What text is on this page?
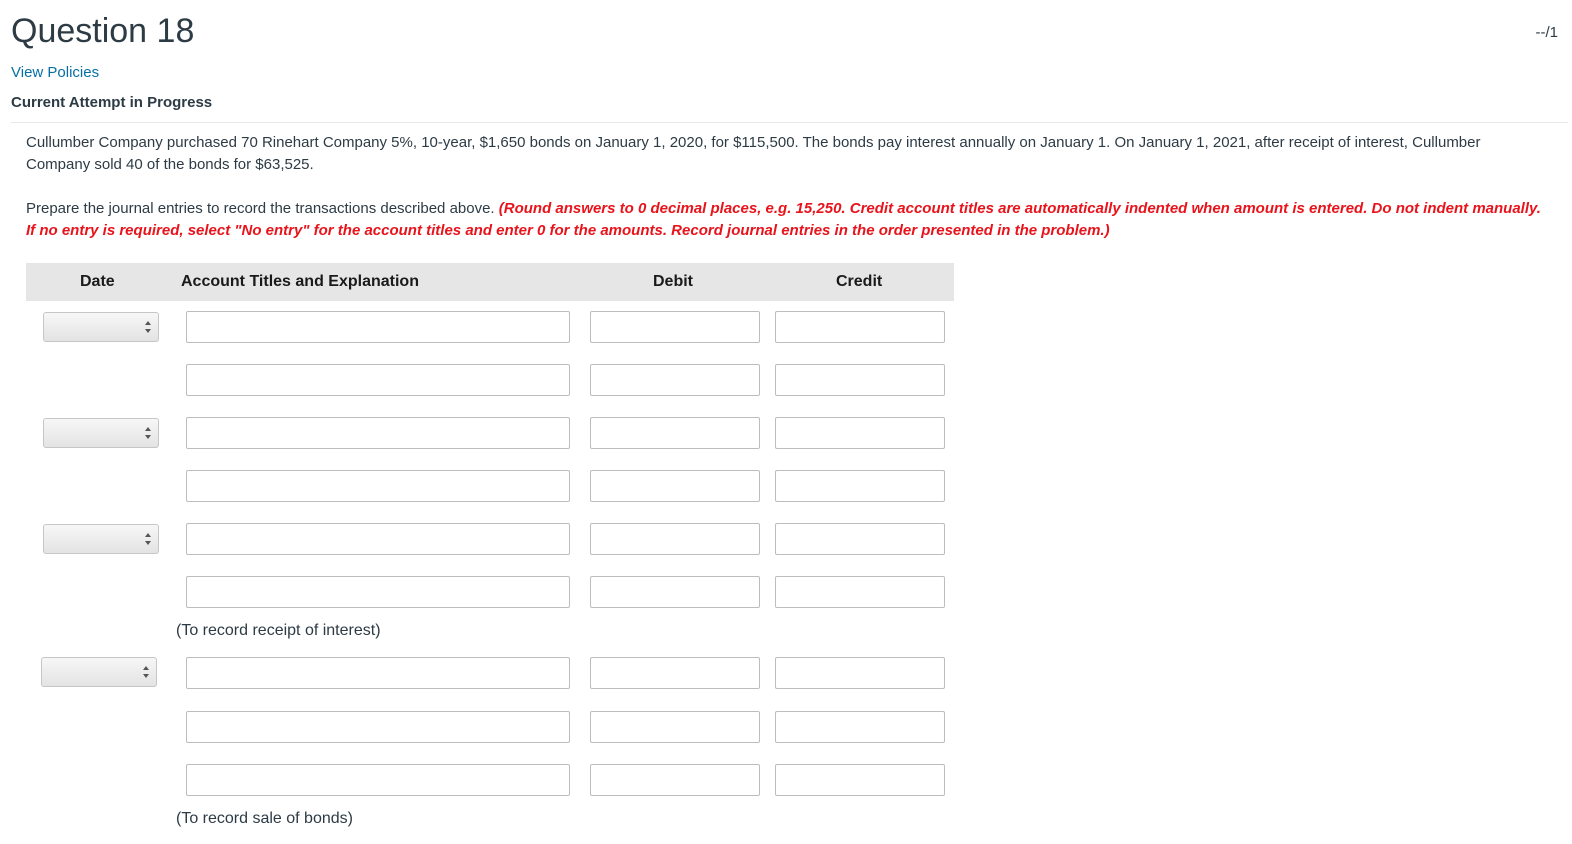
Question 18	--/1
View Policies
Current Attempt in Progress

Cullumber Company purchased 70 Rinehart Company 5%, 10-year, $1,650 bonds on January 1, 2020, for $115,500. The bonds pay interest annually on January 1. On January 1, 2021, after receipt of interest, Cullumber Company sold 40 of the bonds for $63,525.

Prepare the journal entries to record the transactions described above. (Round answers to 0 decimal places, e.g. 15,250. Credit account titles are automatically indented when amount is entered. Do not indent manually. If no entry is required, select "No entry" for the account titles and enter 0 for the amounts. Record journal entries in the order presented in the problem.)

Date	Account Titles and Explanation	Debit	Credit
(To record receipt of interest)
(To record sale of bonds)
